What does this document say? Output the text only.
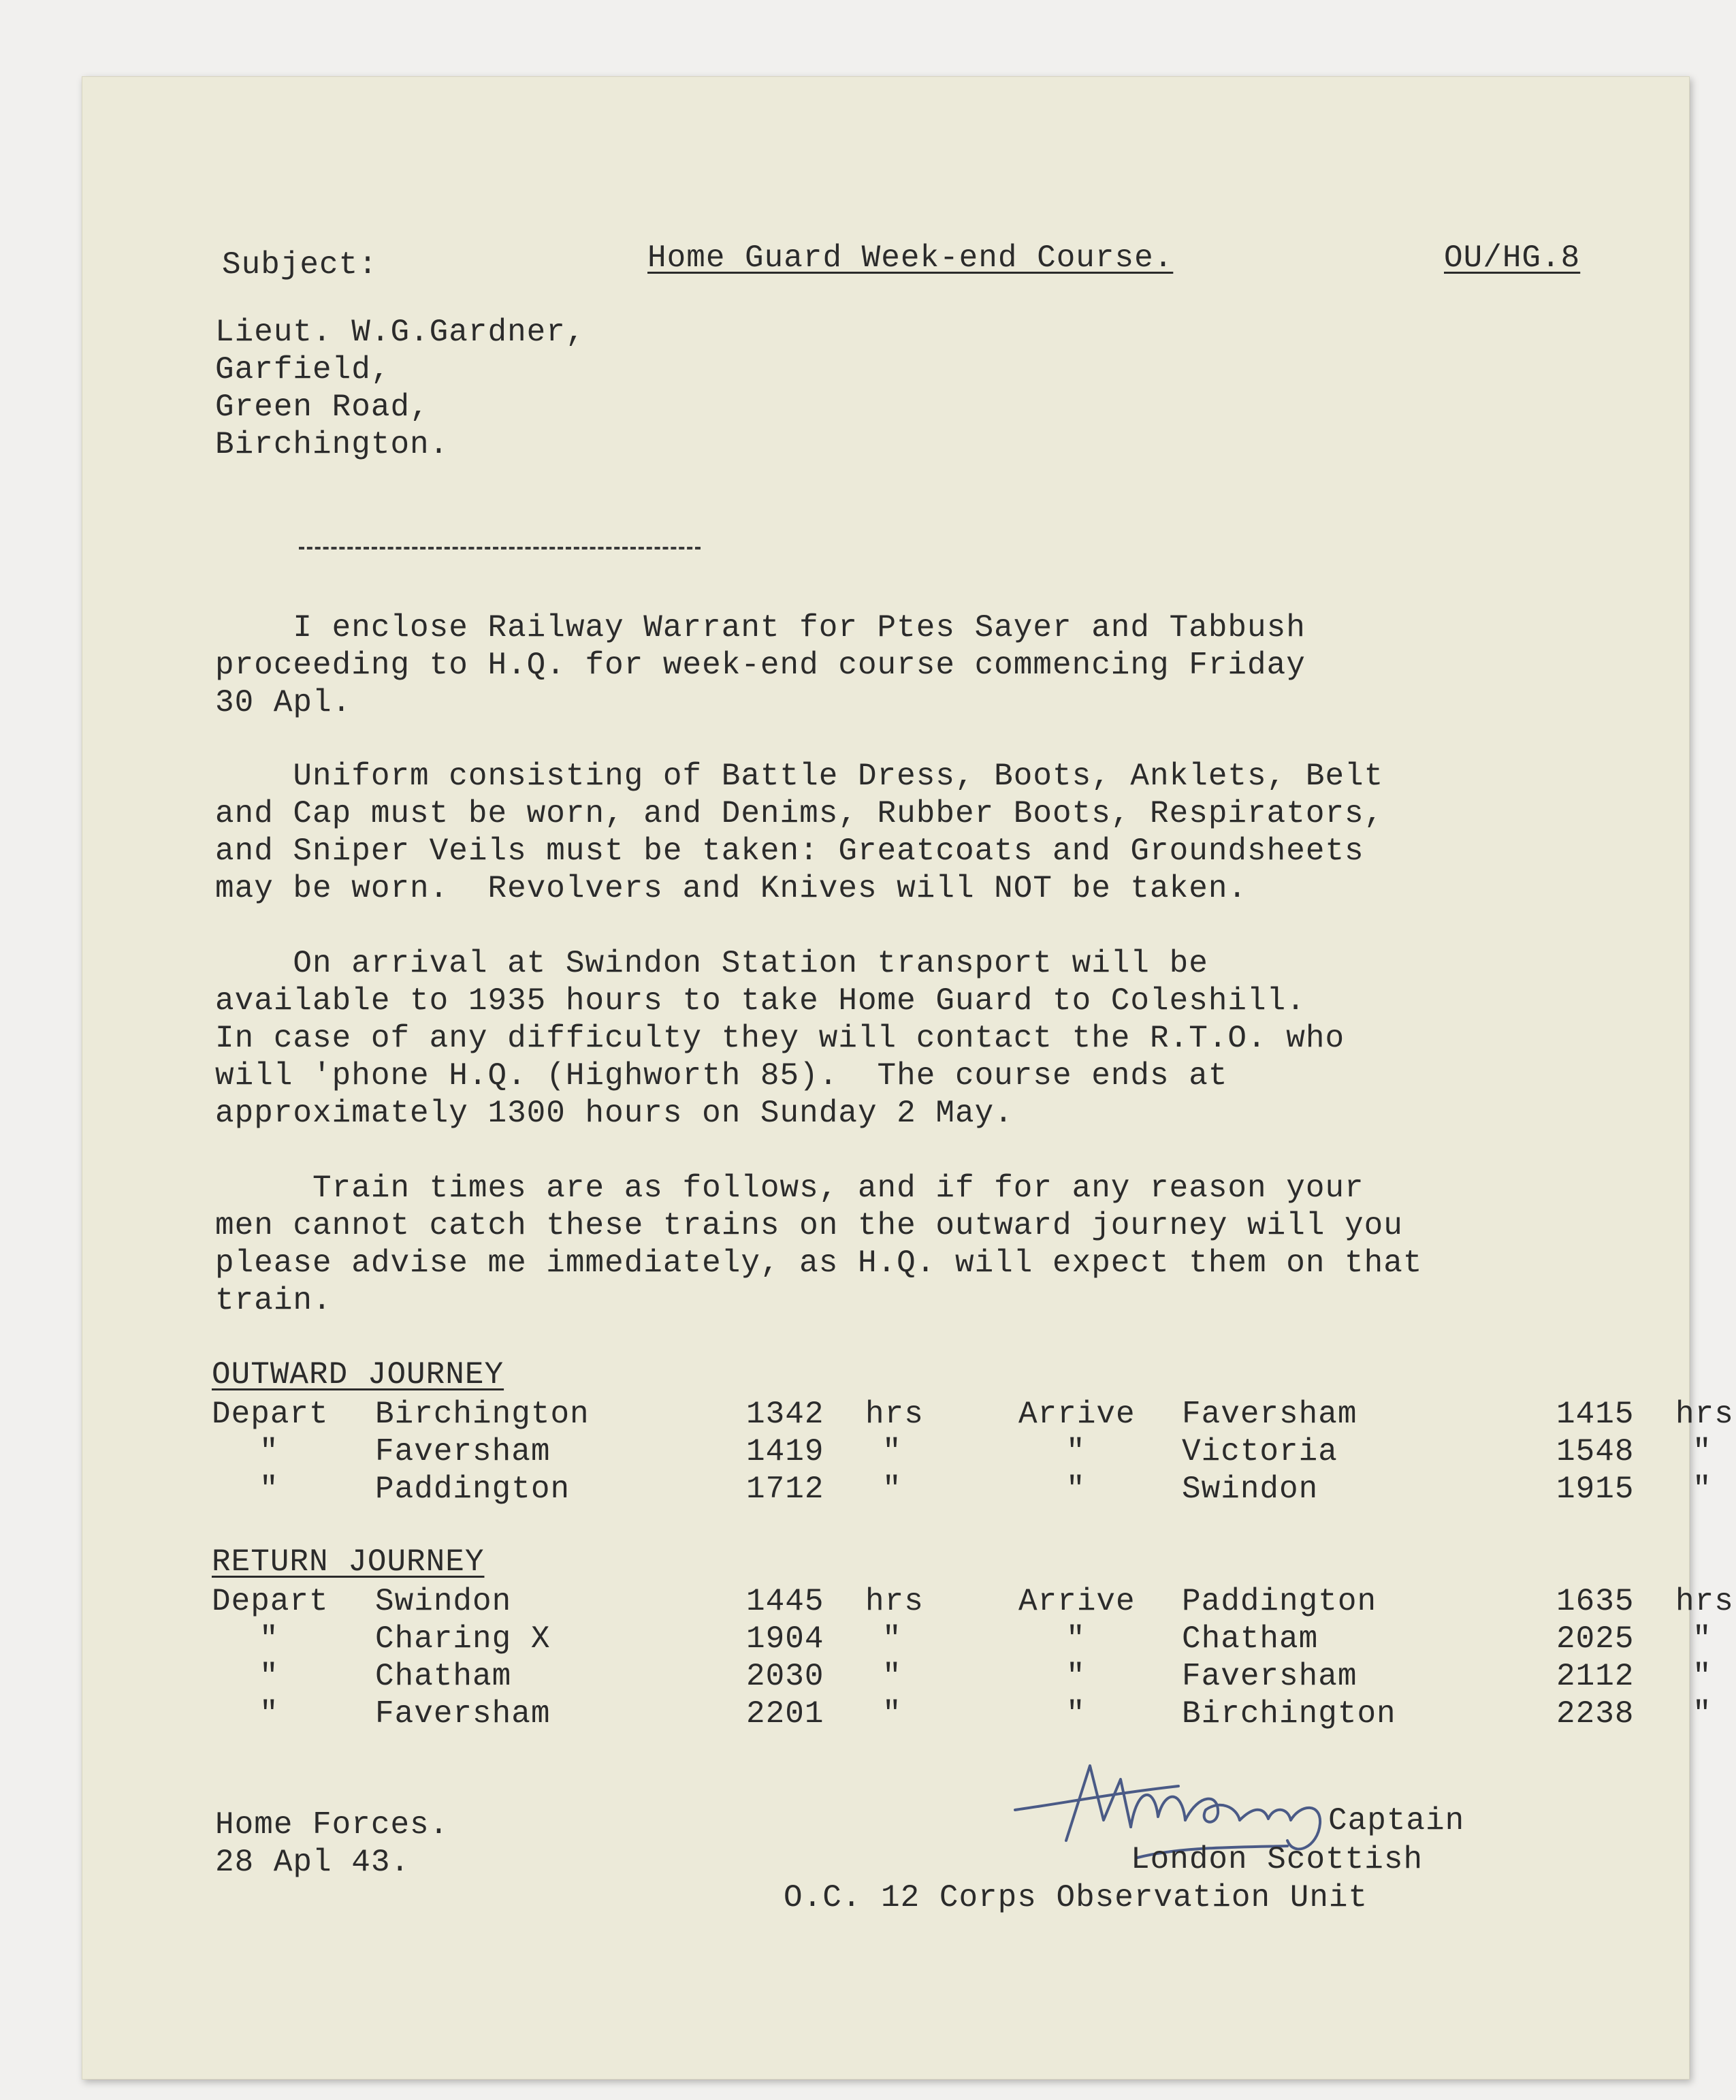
Subject:	Home Guard Week-end Course.	OU/HG.8
Lieut. W.G.Gardner,
Garfield,
Green Road,
Birchington.
I enclose Railway Warrant for Ptes Sayer and Tabbush
proceeding to H.Q. for week-end course commencing Friday
30 Apl.
Uniform consisting of Battle Dress, Boots, Anklets, Belt
and Cap must be worn, and Denims, Rubber Boots, Respirators,
and Sniper Veils must be taken: Greatcoats and Groundsheets
may be worn.  Revolvers and Knives will NOT be taken.
On arrival at Swindon Station transport will be
available to 1935 hours to take Home Guard to Coleshill.
In case of any difficulty they will contact the R.T.O. who
will 'phone H.Q. (Highworth 85).  The course ends at
approximately 1300 hours on Sunday 2 May.
Train times are as follows, and if for any reason your
men cannot catch these trains on the outward journey will you
please advise me immediately, as H.Q. will expect them on that
train.
OUTWARD JOURNEY
Depart Birchington	1342 hrs	Arrive Faversham	1415 hrs
"	Faversham	1419 "	"	Victoria	1548 "
"	Paddington	1712 "	"	Swindon	1915 "
RETURN JOURNEY
Depart Swindon	1445 hrs	Arrive Paddington	1635 hrs
"	Charing X	1904 "	"	Chatham	2025 "
"	Chatham	2030 "	"	Faversham	2112 "
"	Faversham	2201 "	"	Birchington	2238 "
Home Forces.
28 Apl 43.
Captain
London Scottish
O.C. 12 Corps Observation Unit
